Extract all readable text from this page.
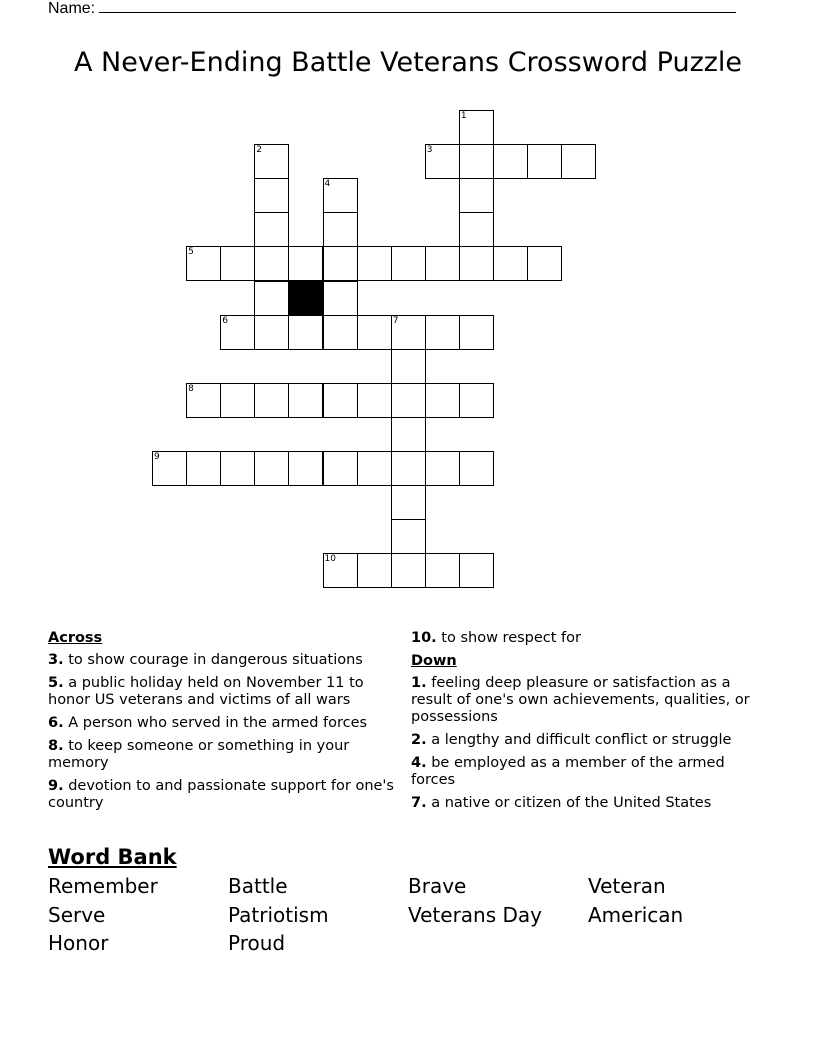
Name:
A Never-Ending Battle Veterans Crossword Puzzle
1
3
2
4
5
6	7
8
9
10
Across
3. to show courage in dangerous situations
5. a public holiday held on November 11 to honor US veterans and victims of all wars
6. A person who served in the armed forces
8. to keep someone or something in your memory
9. devotion to and passionate support for one's country
10. to show respect for
Down
1. feeling deep pleasure or satisfaction as a result of one's own achievements, qualities, or possessions
2. a lengthy and difficult conflict or struggle
4. be employed as a member of the armed forces
7. a native or citizen of the United States
Word Bank
Remember	Battle	Brave	Veteran
Serve	Patriotism	Veterans Day	American
Honor	Proud
